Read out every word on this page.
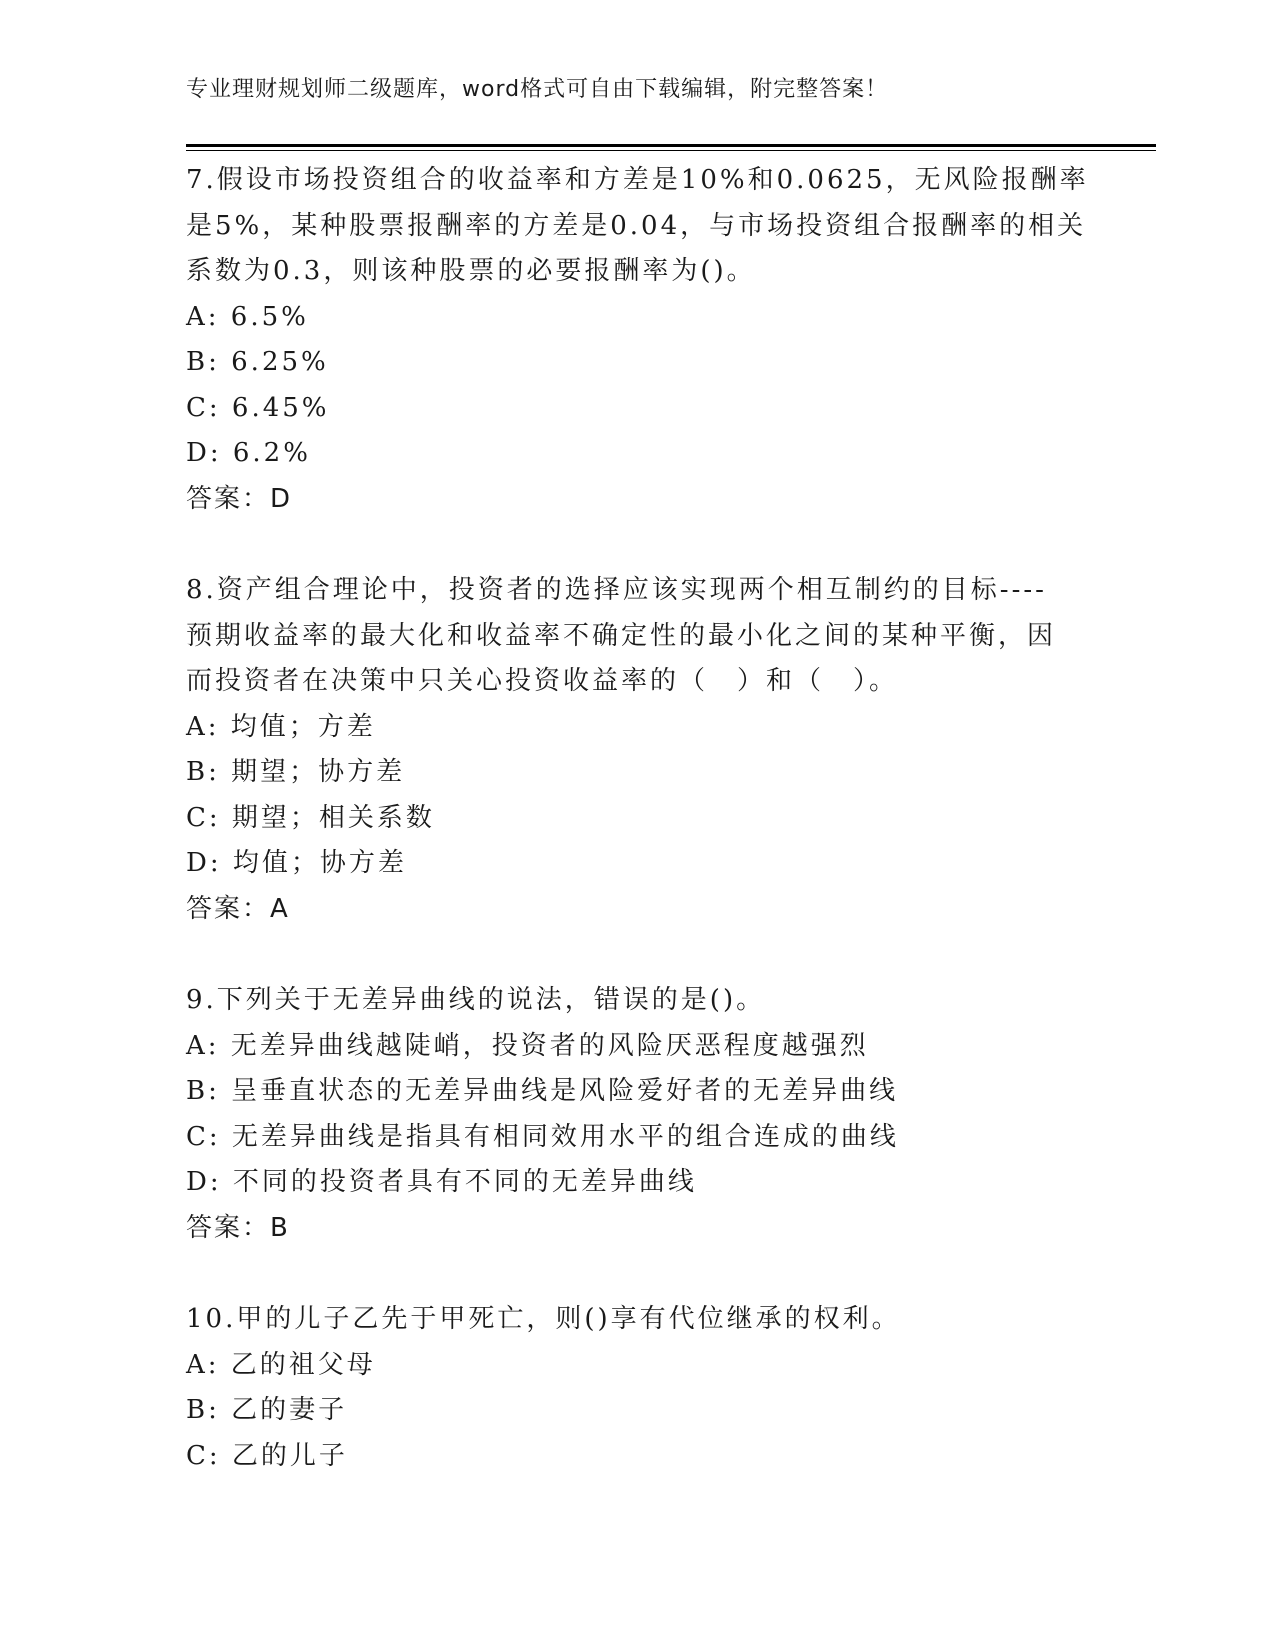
专业理财规划师二级题库，word格式可自由下载编辑，附完整答案！
7.假设市场投资组合的收益率和方差是10%和0.0625，无风险报酬率
是5%，某种股票报酬率的方差是0.04，与市场投资组合报酬率的相关
系数为0.3，则该种股票的必要报酬率为()。
A: 6.5%
B: 6.25%
C: 6.45%
D: 6.2%
答案：D
8.资产组合理论中，投资者的选择应该实现两个相互制约的目标----
预期收益率的最大化和收益率不确定性的最小化之间的某种平衡，因
而投资者在决策中只关心投资收益率的（　）和（　）。
A: 均值；方差
B: 期望；协方差
C: 期望；相关系数
D: 均值；协方差
答案：A
9.下列关于无差异曲线的说法，错误的是()。
A: 无差异曲线越陡峭，投资者的风险厌恶程度越强烈
B: 呈垂直状态的无差异曲线是风险爱好者的无差异曲线
C: 无差异曲线是指具有相同效用水平的组合连成的曲线
D: 不同的投资者具有不同的无差异曲线
答案：B
10.甲的儿子乙先于甲死亡，则()享有代位继承的权利。
A: 乙的祖父母
B: 乙的妻子
C: 乙的儿子
